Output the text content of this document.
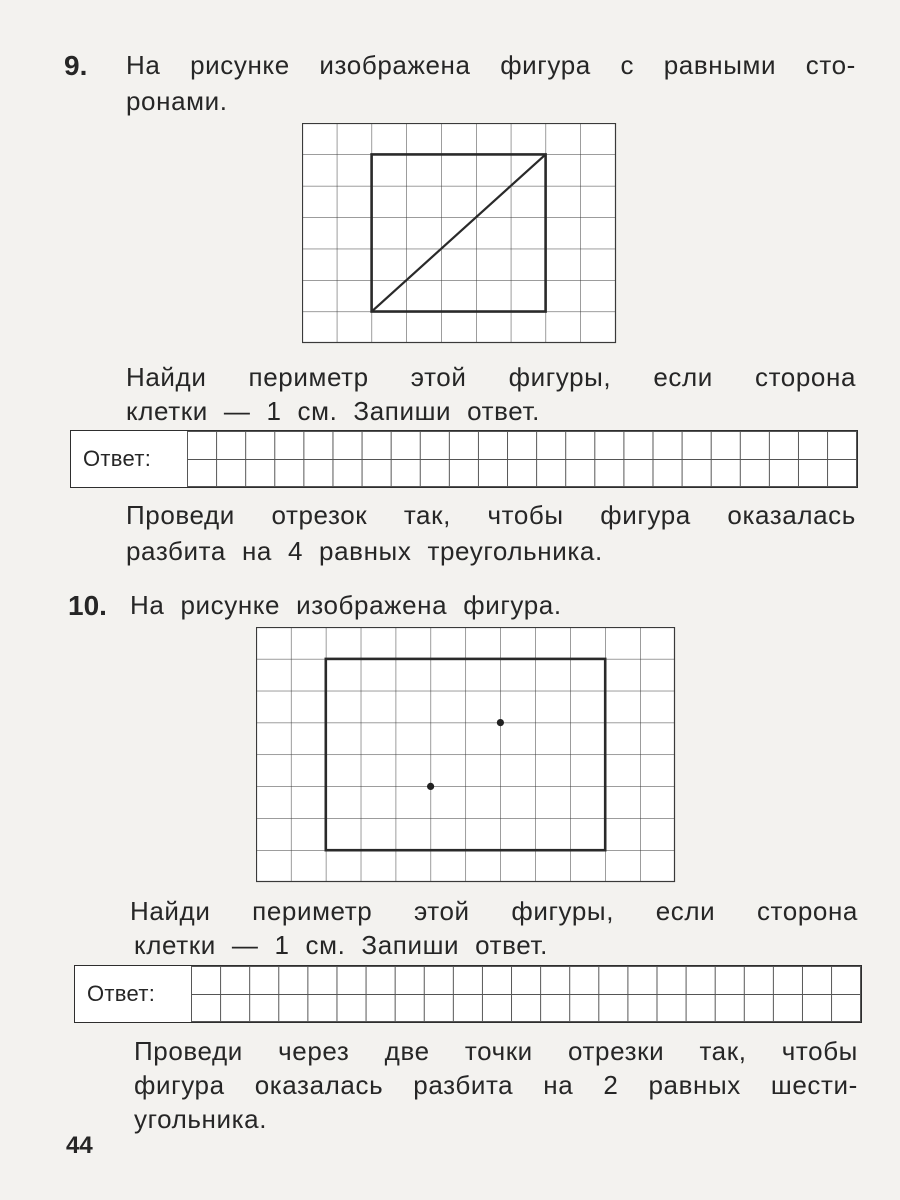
9. На рисунке изображена фигура с равными сто-
ронами.
Найди периметр этой фигуры, если сторона
клетки — 1 см. Запиши ответ.
Ответ:
Проведи отрезок так, чтобы фигура оказалась
разбита на 4 равных треугольника.
10. На рисунке изображена фигура.
Найди периметр этой фигуры, если сторона
клетки — 1 см. Запиши ответ.
Ответ:
Проведи через две точки отрезки так, чтобы
фигура оказалась разбита на 2 равных шести-
угольника.
44
